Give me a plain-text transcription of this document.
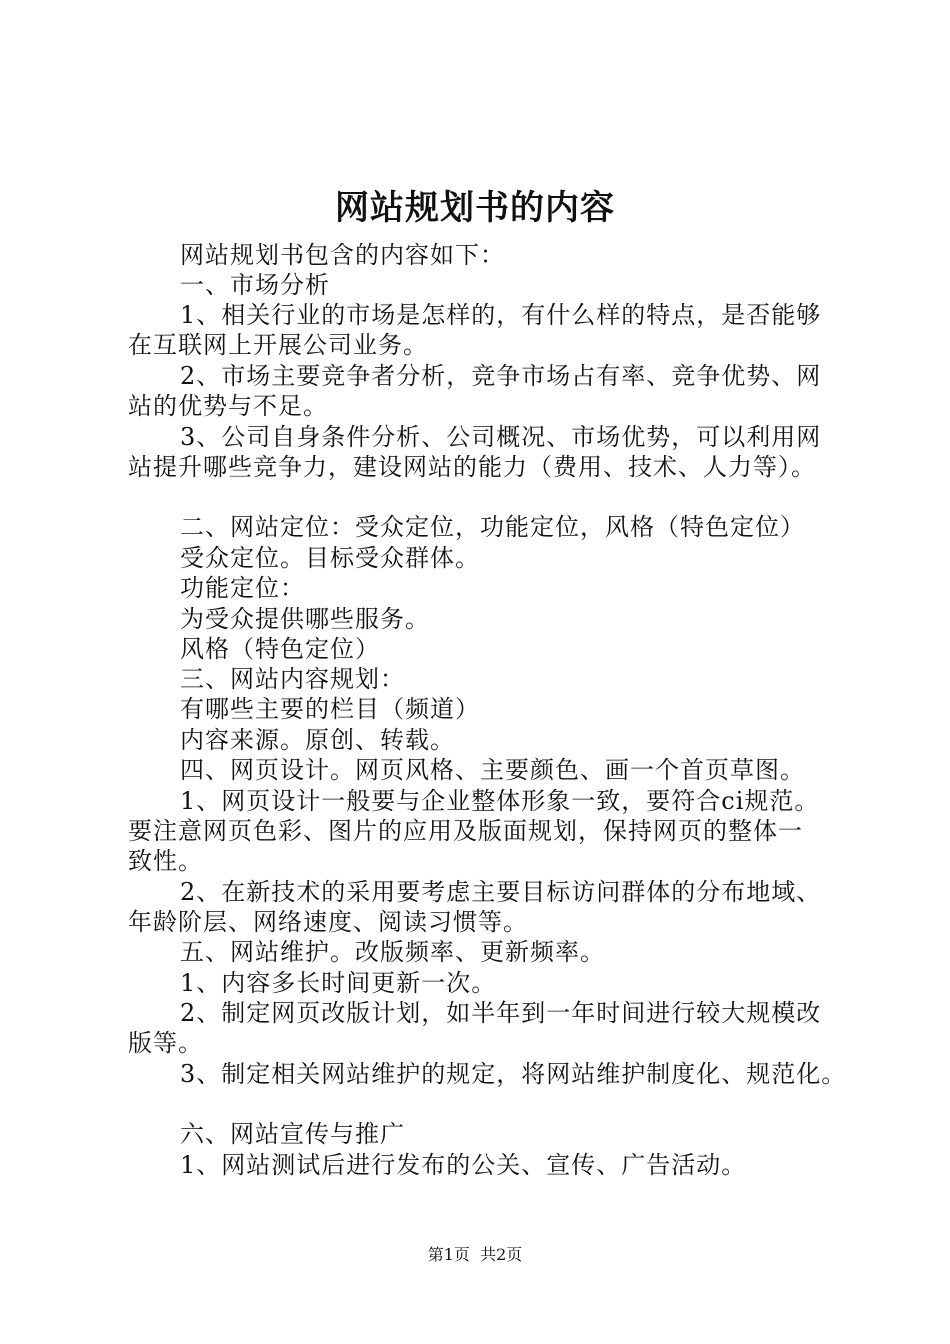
网站规划书的内容
网站规划书包含的内容如下：
一、市场分析
1、相关行业的市场是怎样的，有什么样的特点，是否能够
在互联网上开展公司业务。
2、市场主要竞争者分析，竞争市场占有率、竞争优势、网
站的优势与不足。
3、公司自身条件分析、公司概况、市场优势，可以利用网
站提升哪些竞争力，建设网站的能力（费用、技术、人力等）。
二、网站定位：受众定位，功能定位，风格（特色定位）
受众定位。目标受众群体。
功能定位：
为受众提供哪些服务。
风格（特色定位）
三、网站内容规划：
有哪些主要的栏目（频道）
内容来源。原创、转载。
四、网页设计。网页风格、主要颜色、画一个首页草图。
1、网页设计一般要与企业整体形象一致，要符合ci规范。
要注意网页色彩、图片的应用及版面规划，保持网页的整体一
致性。
2、在新技术的采用要考虑主要目标访问群体的分布地域、
年龄阶层、网络速度、阅读习惯等。
五、网站维护。改版频率、更新频率。
1、内容多长时间更新一次。
2、制定网页改版计划，如半年到一年时间进行较大规模改
版等。
3、制定相关网站维护的规定，将网站维护制度化、规范化。
六、网站宣传与推广
1、网站测试后进行发布的公关、宣传、广告活动。
第1页  共2页
